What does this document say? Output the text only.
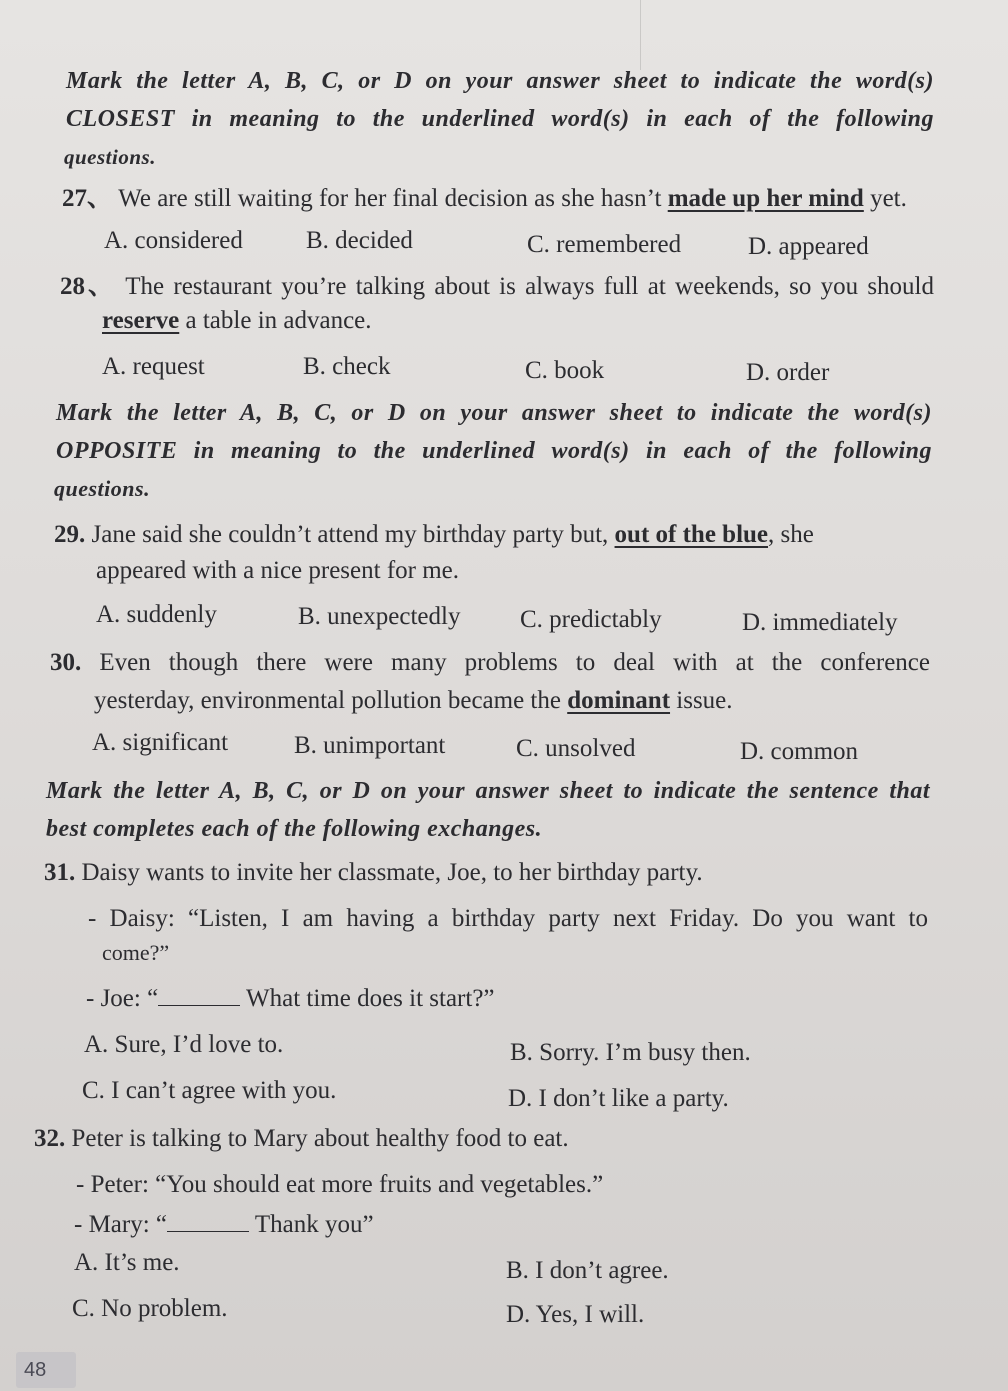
Mark the letter A, B, C, or D on your answer sheet to indicate the word(s)
CLOSEST in meaning to the underlined word(s) in each of the following
questions.
27、 We are still waiting for her final decision as she hasn’t made up her mind yet.
A. considered	B. decided	C. remembered	D. appeared
28、 The restaurant you’re talking about is always full at weekends, so you should
reserve a table in advance.
A. request	B. check	C. book	D. order
Mark the letter A, B, C, or D on your answer sheet to indicate the word(s)
OPPOSITE in meaning to the underlined word(s) in each of the following
questions.
29. Jane said she couldn’t attend my birthday party but, out of the blue, she
appeared with a nice present for me.
A. suddenly	B. unexpectedly C. predictably	D. immediately
30. Even though there were many problems to deal with at the conference
yesterday, environmental pollution became the dominant issue.
A. significant	B. unimportant	C. unsolved	D. common
Mark the letter A, B, C, or D on your answer sheet to indicate the sentence that
best completes each of the following exchanges.
31. Daisy wants to invite her classmate, Joe, to her birthday party.
- Daisy: “Listen, I am having a birthday party next Friday. Do you want to
come?”
- Joe: “	What time does it start?”
A. Sure, I’d love to.	B. Sorry. I’m busy then.
C. I can’t agree with you.	D. I don’t like a party.
32. Peter is talking to Mary about healthy food to eat.
- Peter: “You should eat more fruits and vegetables.”
- Mary: “	Thank you”
A. It’s me.	B. I don’t agree.
C. No problem.	D. Yes, I will.
48
